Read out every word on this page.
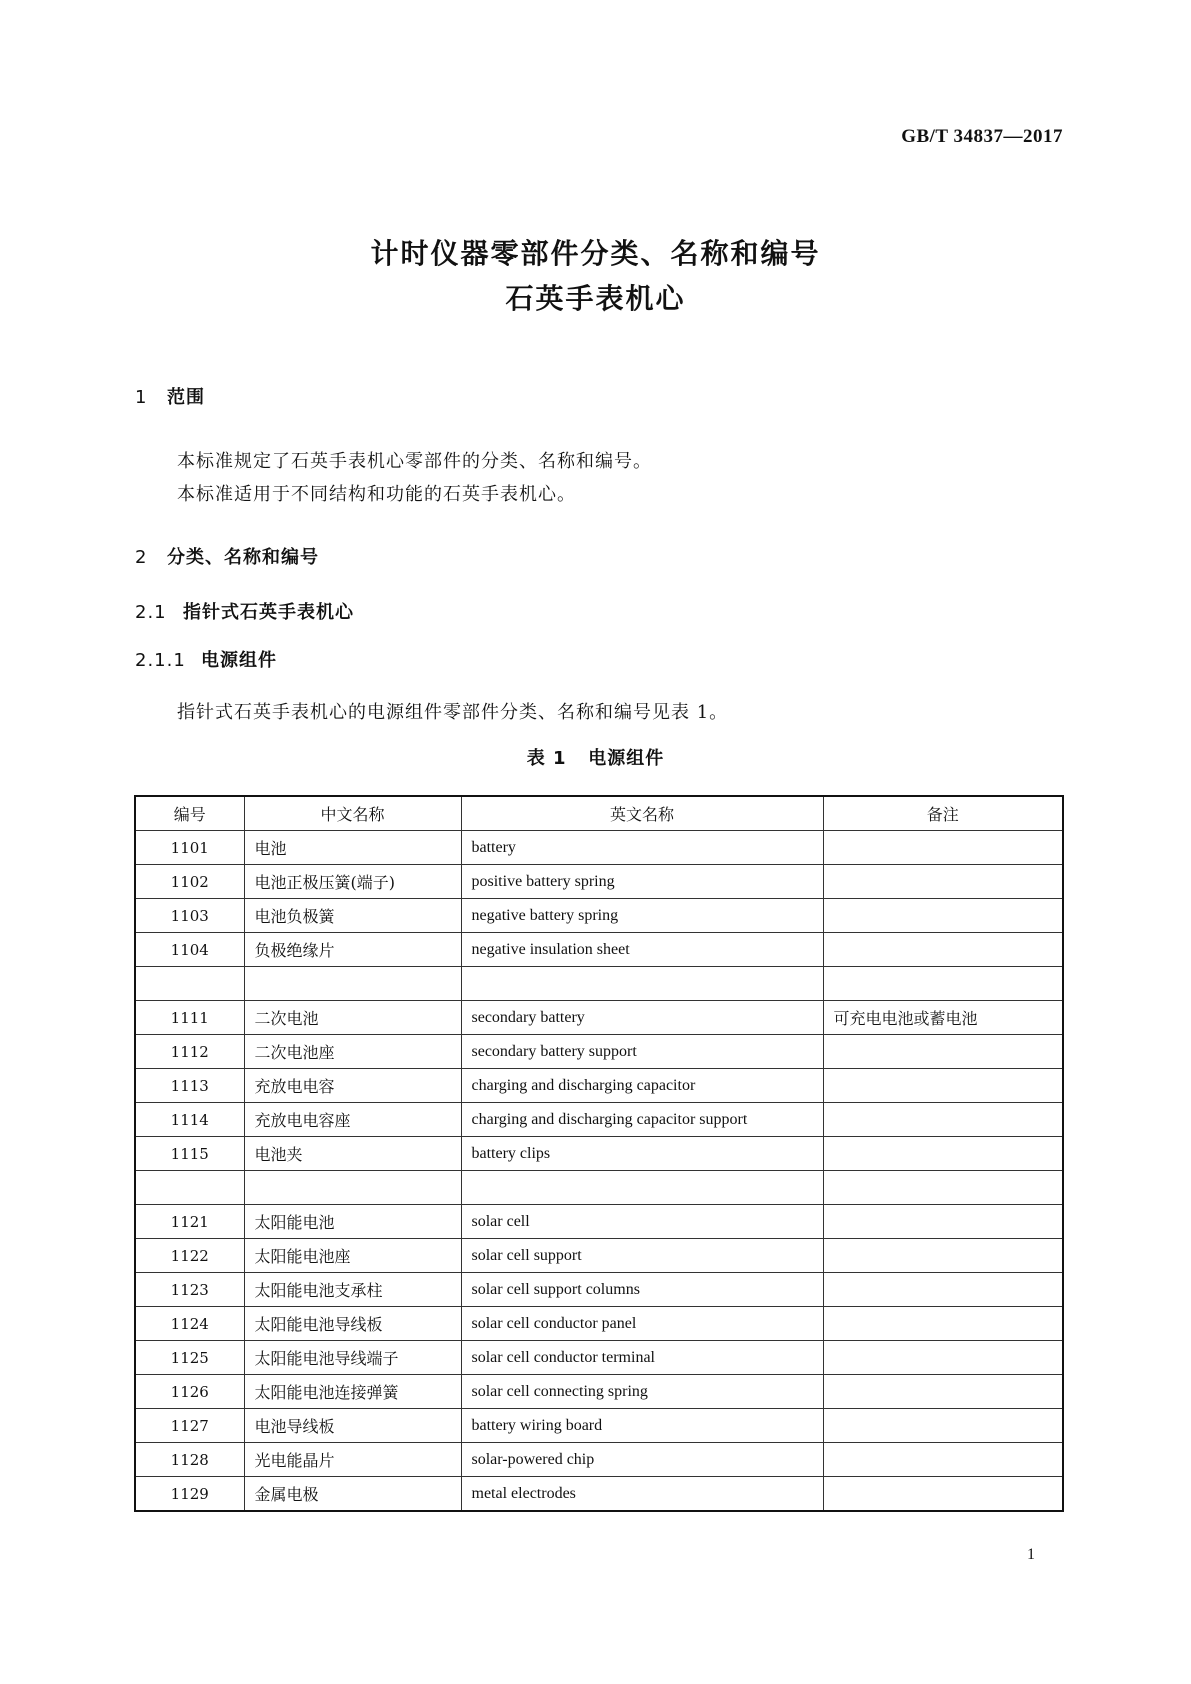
GB/T 34837—2017
计时仪器零部件分类、名称和编号
石英手表机心
1 范围
本标准规定了石英手表机心零部件的分类、名称和编号。
本标准适用于不同结构和功能的石英手表机心。
2 分类、名称和编号
2.1 指针式石英手表机心
2.1.1 电源组件
指针式石英手表机心的电源组件零部件分类、名称和编号见表 1。
表 1   电源组件
编号	中文名称	英文名称	备注
1101	电池	battery	
1102	电池正极压簧(端子)	positive battery spring	
1103	电池负极簧	negative battery spring	
1104	负极绝缘片	negative insulation sheet	

1111	二次电池	secondary battery	可充电电池或蓄电池
1112	二次电池座	secondary battery support	
1113	充放电电容	charging and discharging capacitor	
1114	充放电电容座	charging and discharging capacitor support	
1115	电池夹	battery clips	

1121	太阳能电池	solar cell	
1122	太阳能电池座	solar cell support	
1123	太阳能电池支承柱	solar cell support columns	
1124	太阳能电池导线板	solar cell conductor panel	
1125	太阳能电池导线端子	solar cell conductor terminal	
1126	太阳能电池连接弹簧	solar cell connecting spring	
1127	电池导线板	battery wiring board	
1128	光电能晶片	solar-powered chip	
1129	金属电极	metal electrodes	
1
